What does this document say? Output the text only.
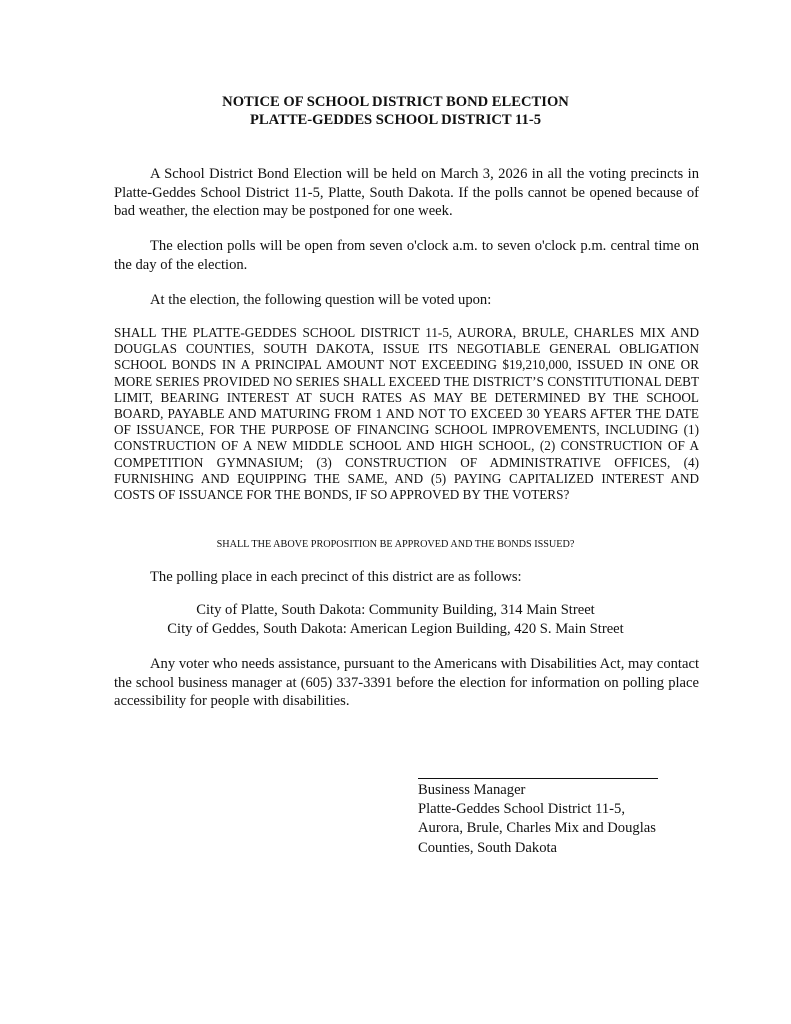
NOTICE OF SCHOOL DISTRICT BOND ELECTION
PLATTE-GEDDES SCHOOL DISTRICT 11-5

A School District Bond Election will be held on March 3, 2026 in all the voting precincts in Platte-Geddes School District 11-5, Platte, South Dakota. If the polls cannot be opened because of bad weather, the election may be postponed for one week.

The election polls will be open from seven o'clock a.m. to seven o'clock p.m. central time on the day of the election.

At the election, the following question will be voted upon:

SHALL THE PLATTE-GEDDES SCHOOL DISTRICT 11-5, AURORA, BRULE, CHARLES MIX AND DOUGLAS COUNTIES, SOUTH DAKOTA, ISSUE ITS NEGOTIABLE GENERAL OBLIGATION SCHOOL BONDS IN A PRINCIPAL AMOUNT NOT EXCEEDING $19,210,000, ISSUED IN ONE OR MORE SERIES PROVIDED NO SERIES SHALL EXCEED THE DISTRICT’S CONSTITUTIONAL DEBT LIMIT, BEARING INTEREST AT SUCH RATES AS MAY BE DETERMINED BY THE SCHOOL BOARD, PAYABLE AND MATURING FROM 1 AND NOT TO EXCEED 30 YEARS AFTER THE DATE OF ISSUANCE, FOR THE PURPOSE OF FINANCING SCHOOL IMPROVEMENTS, INCLUDING (1) CONSTRUCTION OF A NEW MIDDLE SCHOOL AND HIGH SCHOOL, (2) CONSTRUCTION OF A COMPETITION GYMNASIUM; (3) CONSTRUCTION OF ADMINISTRATIVE OFFICES, (4) FURNISHING AND EQUIPPING THE SAME, AND (5) PAYING CAPITALIZED INTEREST AND COSTS OF ISSUANCE FOR THE BONDS, IF SO APPROVED BY THE VOTERS?

SHALL THE ABOVE PROPOSITION BE APPROVED AND THE BONDS ISSUED?

The polling place in each precinct of this district are as follows:

City of Platte, South Dakota: Community Building, 314 Main Street
City of Geddes, South Dakota: American Legion Building, 420 S. Main Street

Any voter who needs assistance, pursuant to the Americans with Disabilities Act, may contact the school business manager at (605) 337-3391 before the election for information on polling place accessibility for people with disabilities.

Business Manager
Platte-Geddes School District 11-5,
Aurora, Brule, Charles Mix and Douglas
Counties, South Dakota
